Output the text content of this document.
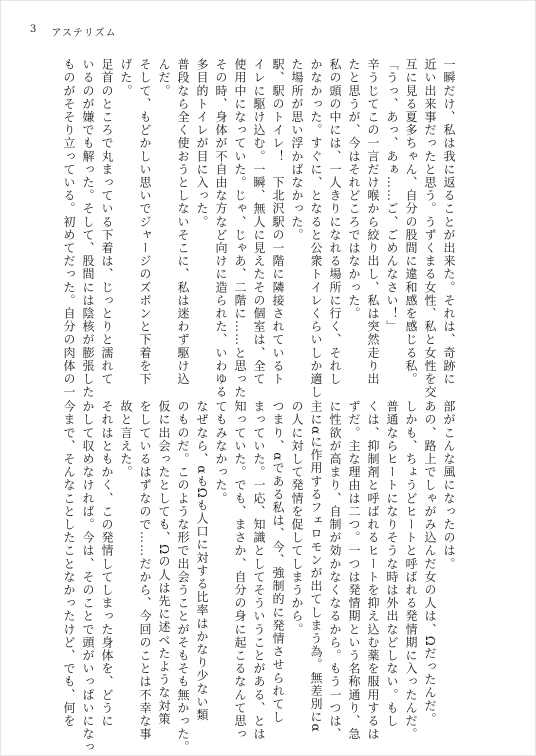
3 アステリズム

一瞬だけ、私は我に返ることが出来た。それは、奇跡に

近い出来事だったと思う。うずくまる女性、私と女性を交

互に見る夏多ちゃん、自分の股間に違和感を感じる私。

「うっ、あっ、あぁ……ご、ごめんなさい！」

辛うじてこの一言だけ喉から絞り出し、私は突然走り出

たと思うが、今はそれどころではなかった。

私の頭の中には、一人きりになれる場所に行く、それし

かなかった。すぐに、となると公衆トイレくらいしか適し

た場所が思い浮かばなかった。

駅、駅のトイレ！　下北沢駅の一階に隣接されているト

イレに駆け込む。一瞬、無人に見えたその個室は、全て

使用中になっていた。じゃ、じゃあ、二階に……と思った

その時、身体が不自由な方など向けに造られた、いわゆる

多目的トイレが目に入った。

普段なら全く使おうとしないそこに、私は迷わず駆け込

んだ。

そして、もどかしい思いでジャージのズボンと下着を下

げた。

足首のところで丸まっている下着は、じっとりと濡れて

いるのが嫌でも解った。そして、股間には陰核が膨張した

ものがそそり立っている。初めてだった。自分の肉体の一

部がこんな風になったのは。

あの、路上でしゃがみ込んだ女の人は、Ωだったんだ。

しかも、ちょうどヒートと呼ばれる発情期に入ったんだ。

普通ならヒートになりそうな時は外出などしない。もし

くは、抑制剤と呼ばれるヒートを抑え込む薬を服用するは

ずだ。主な理由は二つ。一つは発情期という名称通り、急

に性欲が高まり、自制が効かなくなるから。もう一つは、

主にαに作用するフェロモンが出てしまう為。無差別にα

の人に対して発情を促してしまうから。

つまり、αである私は、今、強制的に発情させられてし

まっていた。一応、知識としてそういうことがある、とは

知っていた。でも、まさか、自分の身に起こるなんて思っ

てもみなかった。

なぜなら、αもΩも人口に対する比率はかなり少ない類

のものだ。このような形で出会うことがそもそも無かった。

仮に出会ったとしても、Ωの人は先に述べたような対策

をしているはずなので……だから、今回のことは不幸な事

故と言えた。

それはともかく、この発情してしまった身体を、どうに

かして収めなければ。今は、そのことで頭がいっぱいになっ

今まで、そんなことしたことなかったけど、でも、何を
